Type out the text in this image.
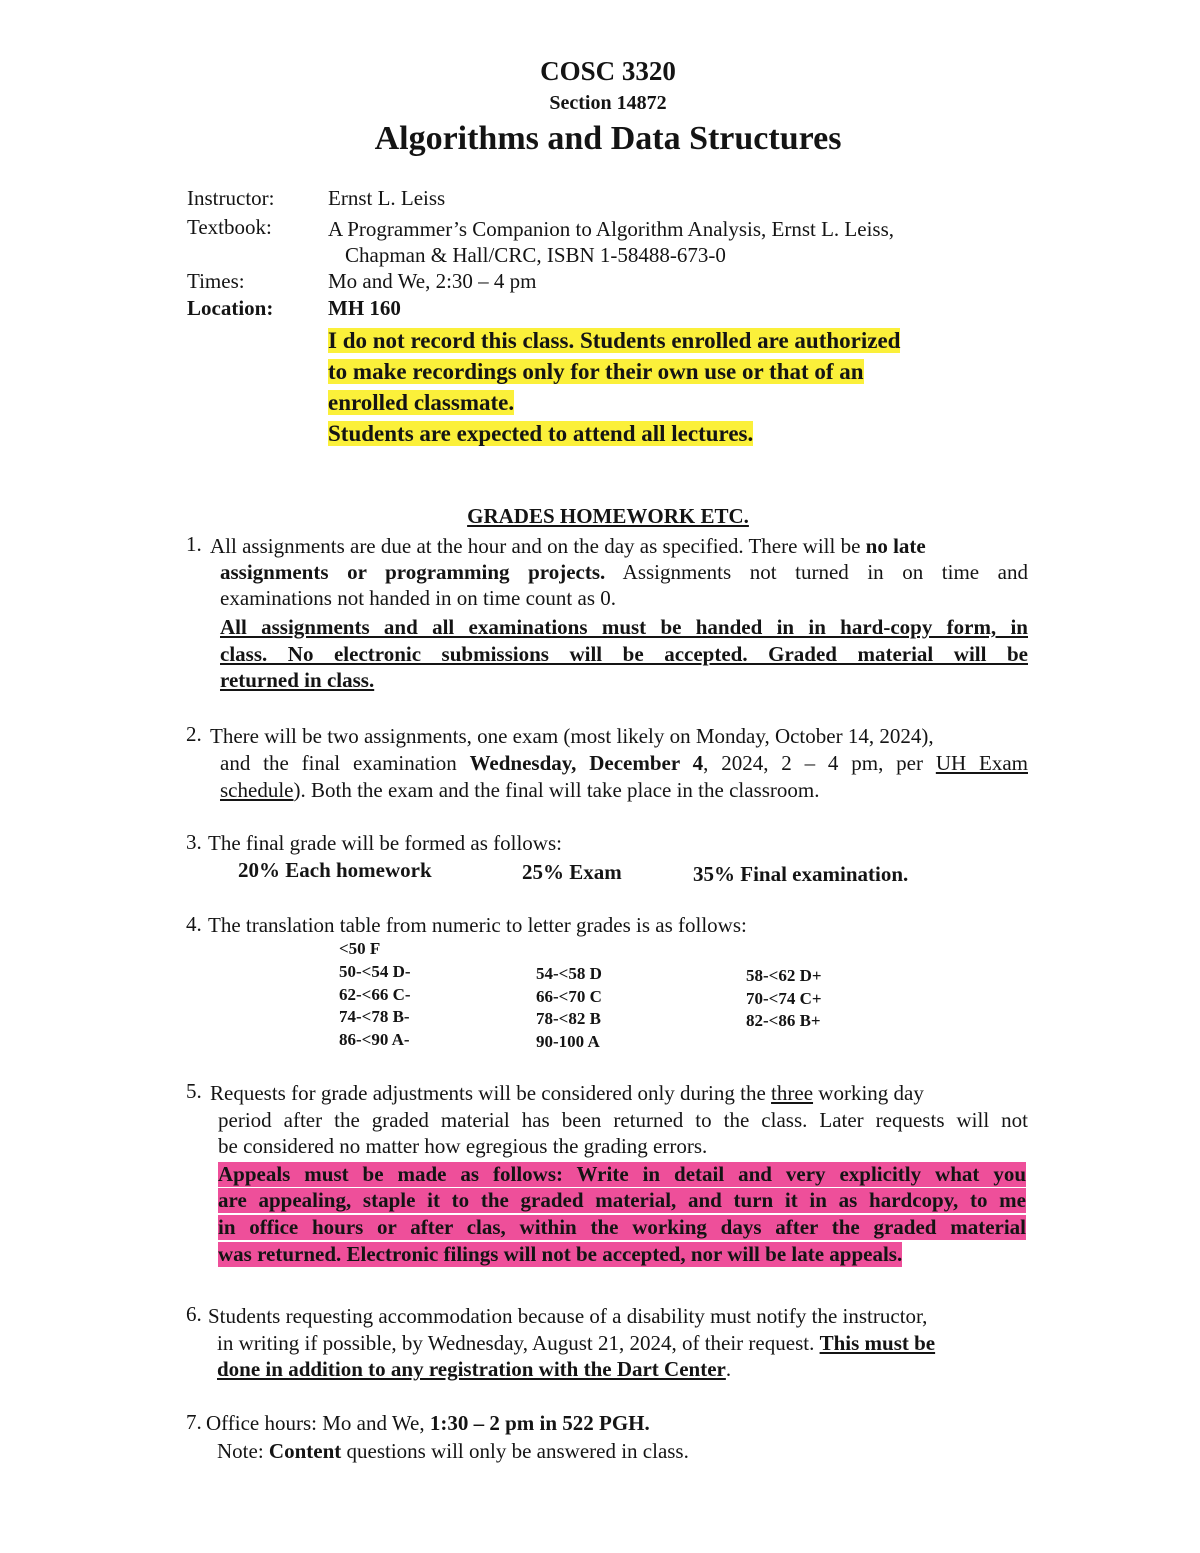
COSC 3320
Section 14872
Algorithms and Data Structures
Instructor:	Ernst L. Leiss
Textbook:	A Programmer’s Companion to Algorithm Analysis, Ernst L. Leiss,
Chapman & Hall/CRC, ISBN 1-58488-673-0
Times:	Mo and We, 2:30 – 4 pm
Location:	MH 160
I do not record this class. Students enrolled are authorized
to make recordings only for their own use or that of an
enrolled classmate.
Students are expected to attend all lectures.
GRADES HOMEWORK ETC.
1. All assignments are due at the hour and on the day as specified. There will be no late
assignments or programming projects. Assignments not turned in on time and
examinations not handed in on time count as 0.
All assignments and all examinations must be handed in in hard-copy form, in
class. No electronic submissions will be accepted. Graded material will be
returned in class.
2. There will be two assignments, one exam (most likely on Monday, October 14, 2024),
and the final examination Wednesday, December 4, 2024, 2 – 4 pm, per UH Exam
schedule). Both the exam and the final will take place in the classroom.
3. The final grade will be formed as follows:
20% Each homework	25% Exam	35% Final examination.
4. The translation table from numeric to letter grades is as follows:
<50 F
50-<54 D-	54-<58 D	58-<62 D+
62-<66 C-	66-<70 C	70-<74 C+
74-<78 B-	78-<82 B	82-<86 B+
86-<90 A-	90-100 A
5. Requests for grade adjustments will be considered only during the three working day
period after the graded material has been returned to the class. Later requests will not
be considered no matter how egregious the grading errors.
Appeals must be made as follows: Write in detail and very explicitly what you
are appealing, staple it to the graded material, and turn it in as hardcopy, to me
in office hours or after clas, within the working days after the graded material
was returned. Electronic filings will not be accepted, nor will be late appeals.
6. Students requesting accommodation because of a disability must notify the instructor,
in writing if possible, by Wednesday, August 21, 2024, of their request. This must be
done in addition to any registration with the Dart Center.
7. Office hours: Mo and We, 1:30 – 2 pm in 522 PGH.
Note: Content questions will only be answered in class.
